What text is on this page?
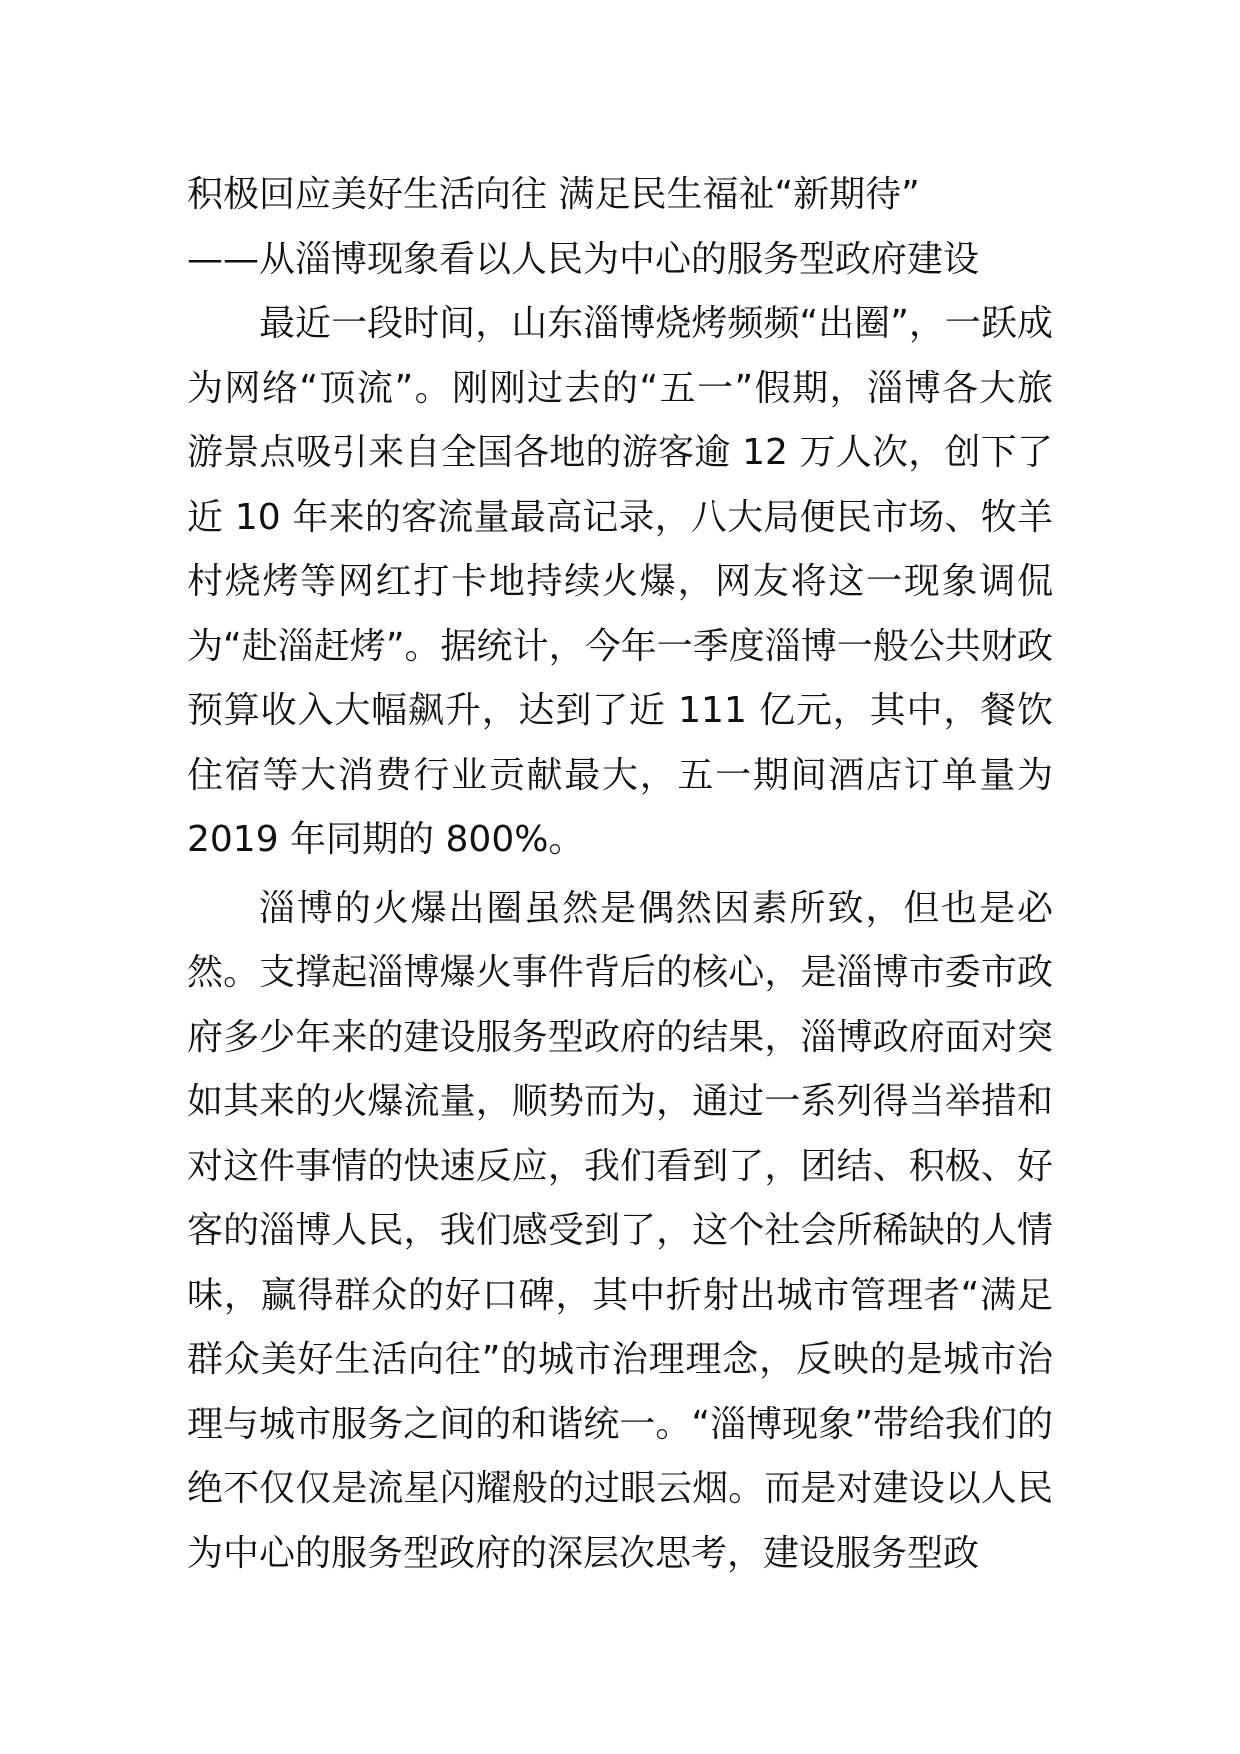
积极回应美好生活向往 满足民生福祉“新期待”
——从淄博现象看以人民为中心的服务型政府建设

最近一段时间，山东淄博烧烤频频“出圈”，一跃成为网络“顶流”。刚刚过去的“五一”假期，淄博各大旅游景点吸引来自全国各地的游客逾 12 万人次，创下了近 10 年来的客流量最高记录，八大局便民市场、牧羊村烧烤等网红打卡地持续火爆，网友将这一现象调侃为“赴淄赶烤”。据统计，今年一季度淄博一般公共财政预算收入大幅飙升，达到了近 111 亿元，其中，餐饮住宿等大消费行业贡献最大，五一期间酒店订单量为 2019 年同期的 800%。

淄博的火爆出圈虽然是偶然因素所致，但也是必然。支撑起淄博爆火事件背后的核心，是淄博市委市政府多少年来的建设服务型政府的结果，淄博政府面对突如其来的火爆流量，顺势而为，通过一系列得当举措和对这件事情的快速反应，我们看到了，团结、积极、好客的淄博人民，我们感受到了，这个社会所稀缺的人情味，赢得群众的好口碑，其中折射出城市管理者“满足群众美好生活向往”的城市治理理念，反映的是城市治理与城市服务之间的和谐统一。“淄博现象”带给我们的绝不仅仅是流星闪耀般的过眼云烟。而是对建设以人民为中心的服务型政府的深层次思考，建设服务型政
